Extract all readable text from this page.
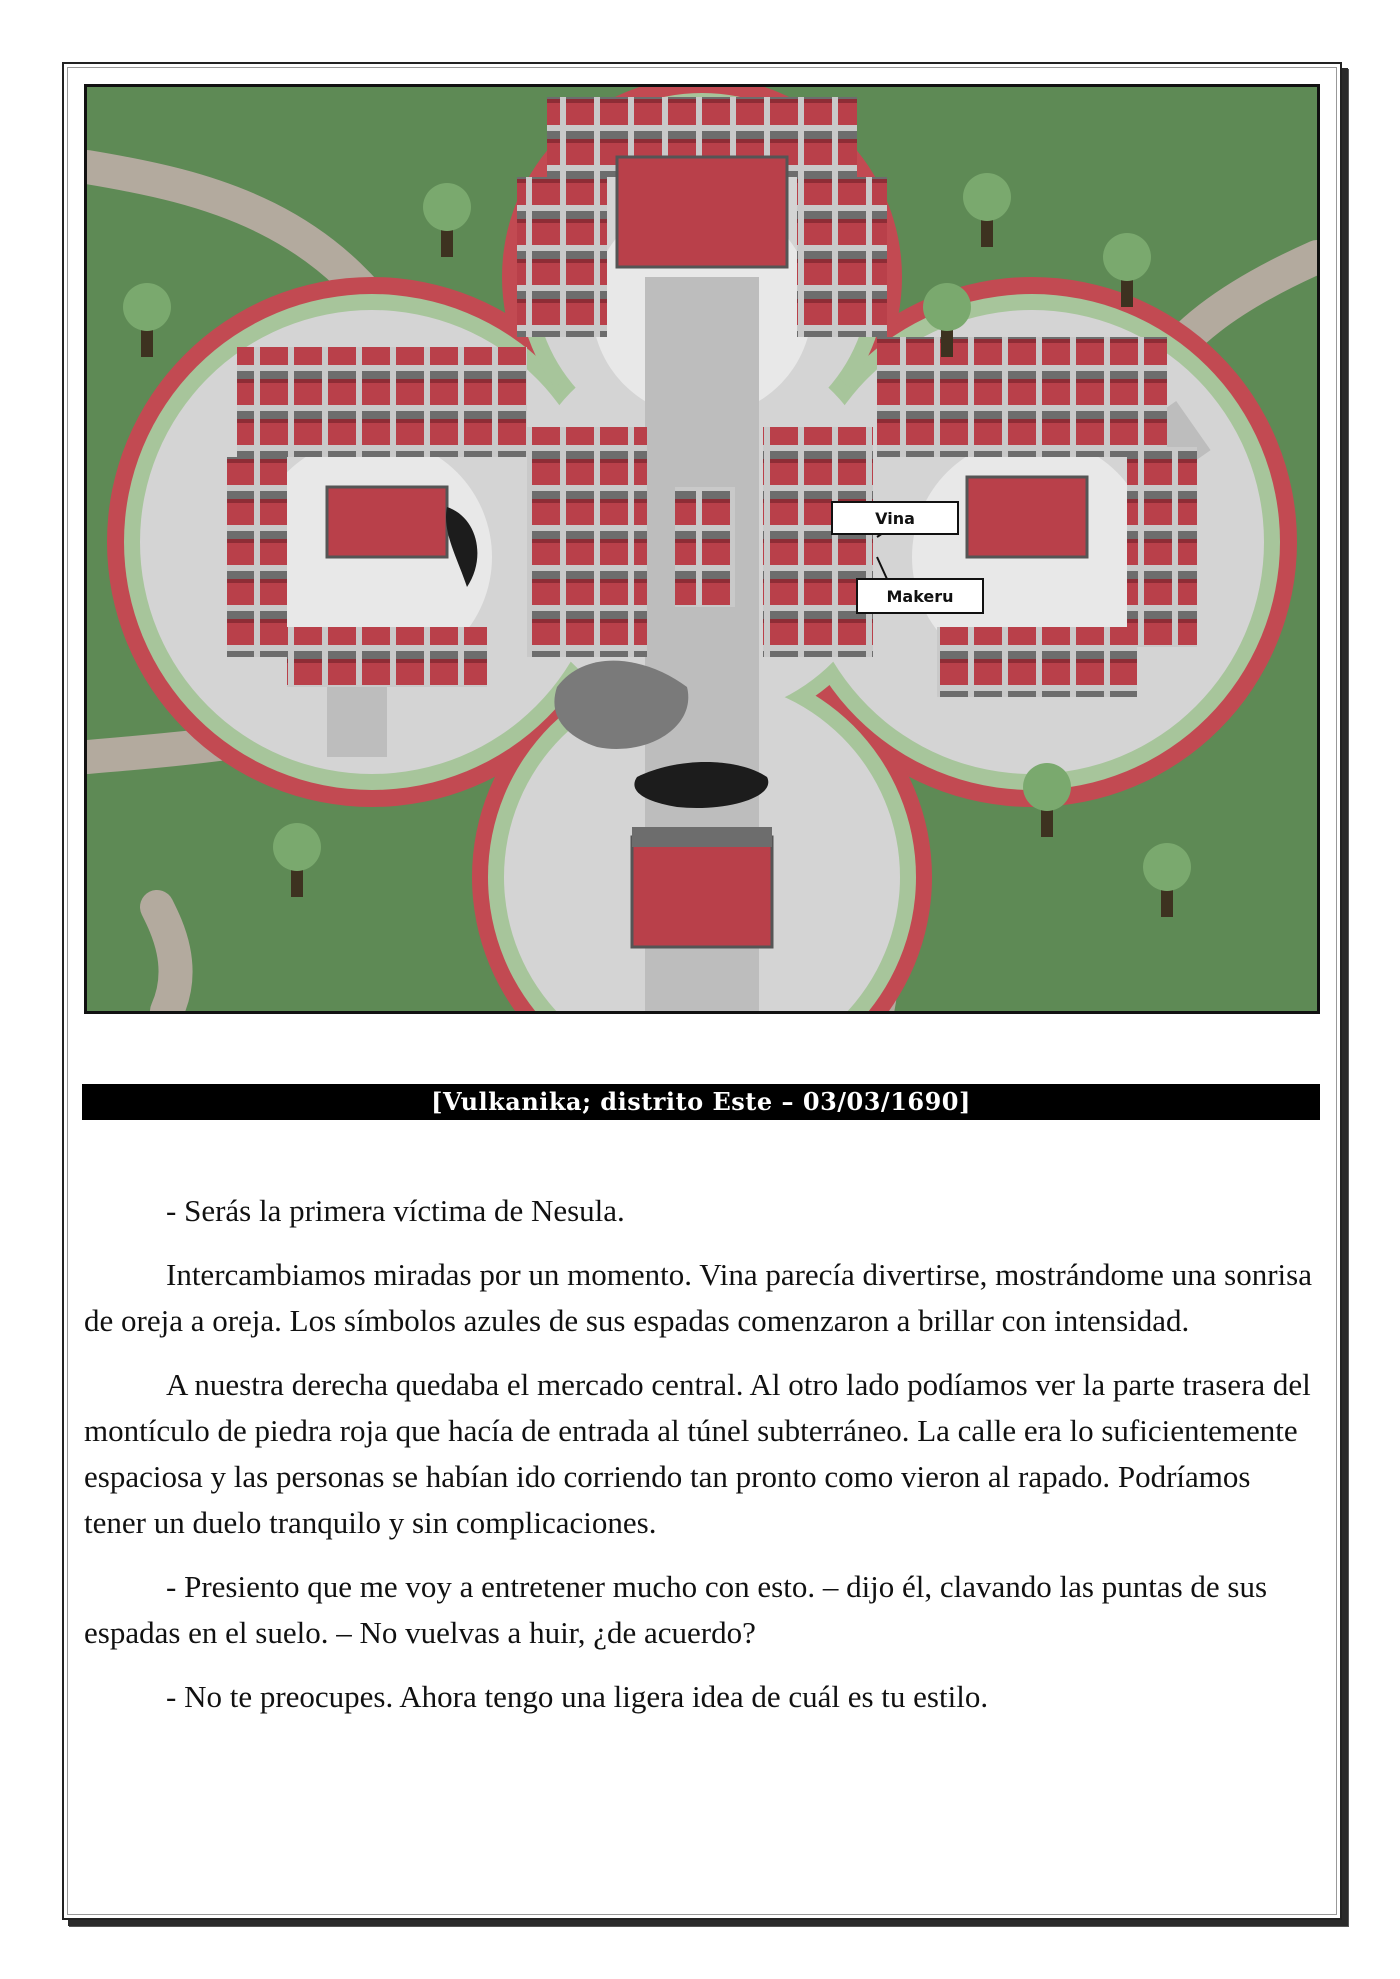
Vina
Makeru
[Vulkanika; distrito Este – 03/03/1690]

- Serás la primera víctima de Nesula.

Intercambiamos miradas por un momento. Vina parecía divertirse, mostrándome una sonrisa de oreja a oreja. Los símbolos azules de sus espadas comenzaron a brillar con intensidad.

A nuestra derecha quedaba el mercado central. Al otro lado podíamos ver la parte trasera del montículo de piedra roja que hacía de entrada al túnel subterráneo. La calle era lo suficientemente espaciosa y las personas se habían ido corriendo tan pronto como vieron al rapado. Podríamos tener un duelo tranquilo y sin complicaciones.

- Presiento que me voy a entretener mucho con esto. – dijo él, clavando las puntas de sus espadas en el suelo. – No vuelvas a huir, ¿de acuerdo?

- No te preocupes. Ahora tengo una ligera idea de cuál es tu estilo.
